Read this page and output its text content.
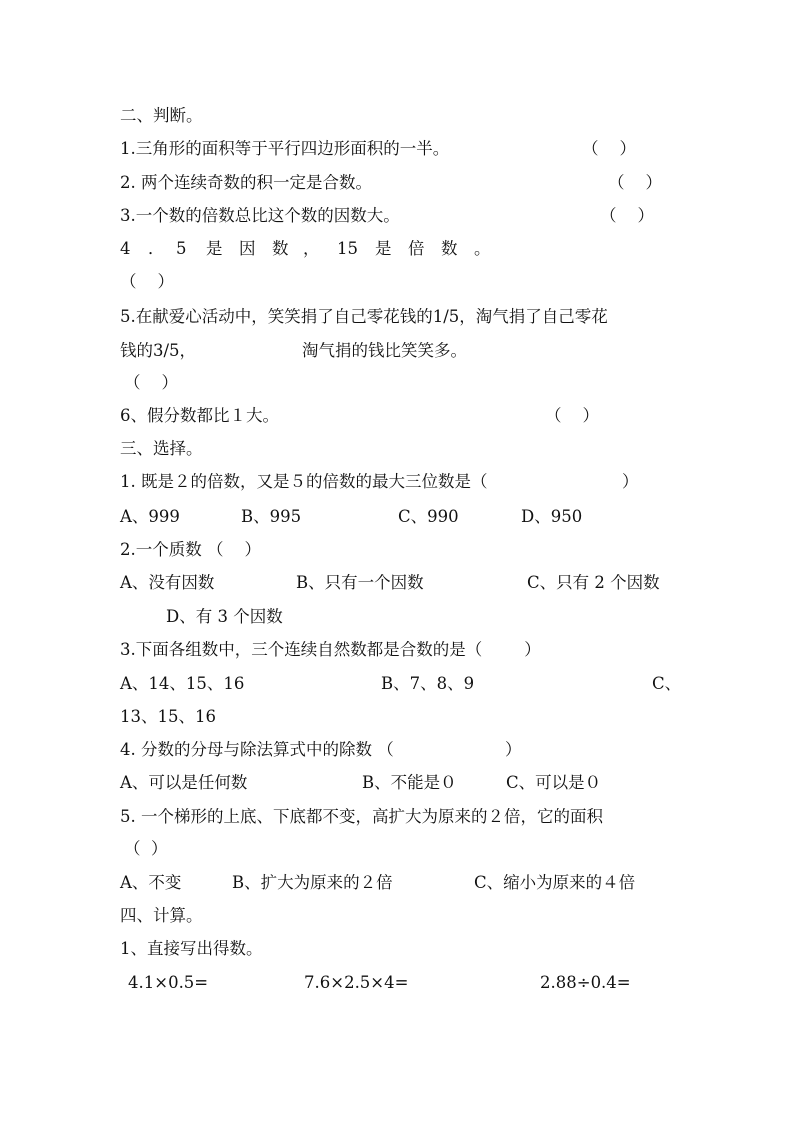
二、判断。
1.三角形的面积等于平行四边形面积的一半。	（    ）
2. 两个连续奇数的积一定是合数。	（    ）
3.一个数的倍数总比这个数的因数大。	（    ）
4 ． 5 是 因 数 ， 15 是 倍 数 。
（    ）
5.在献爱心活动中，笑笑捐了自己零花钱的1/5，淘气捐了自己零花
钱的3/5，	淘气捐的钱比笑笑多。
（    ）
6、假分数都比１大。	（    ）
三、选择。
1. 既是２的倍数，又是５的倍数的最大三位数是（	）
A、999	B、995	C、990	D、950
2.一个质数 （    ）
A、没有因数	B、只有一个因数	C、只有 2 个因数
D、有 3 个因数
3.下面各组数中，三个连续自然数都是合数的是（        ）
A、14、15、16	B、7、8、9	C、
13、15、16
4. 分数的分母与除法算式中的除数 （	）
A、可以是任何数	B、不能是０	C、可以是０
5. 一个梯形的上底、下底都不变，高扩大为原来的２倍，它的面积
（  ）
A、不变	B、扩大为原来的２倍	C、缩小为原来的４倍
四、计算。
1、直接写出得数。
4.1×0.5=	7.6×2.5×4=	2.88÷0.4=
